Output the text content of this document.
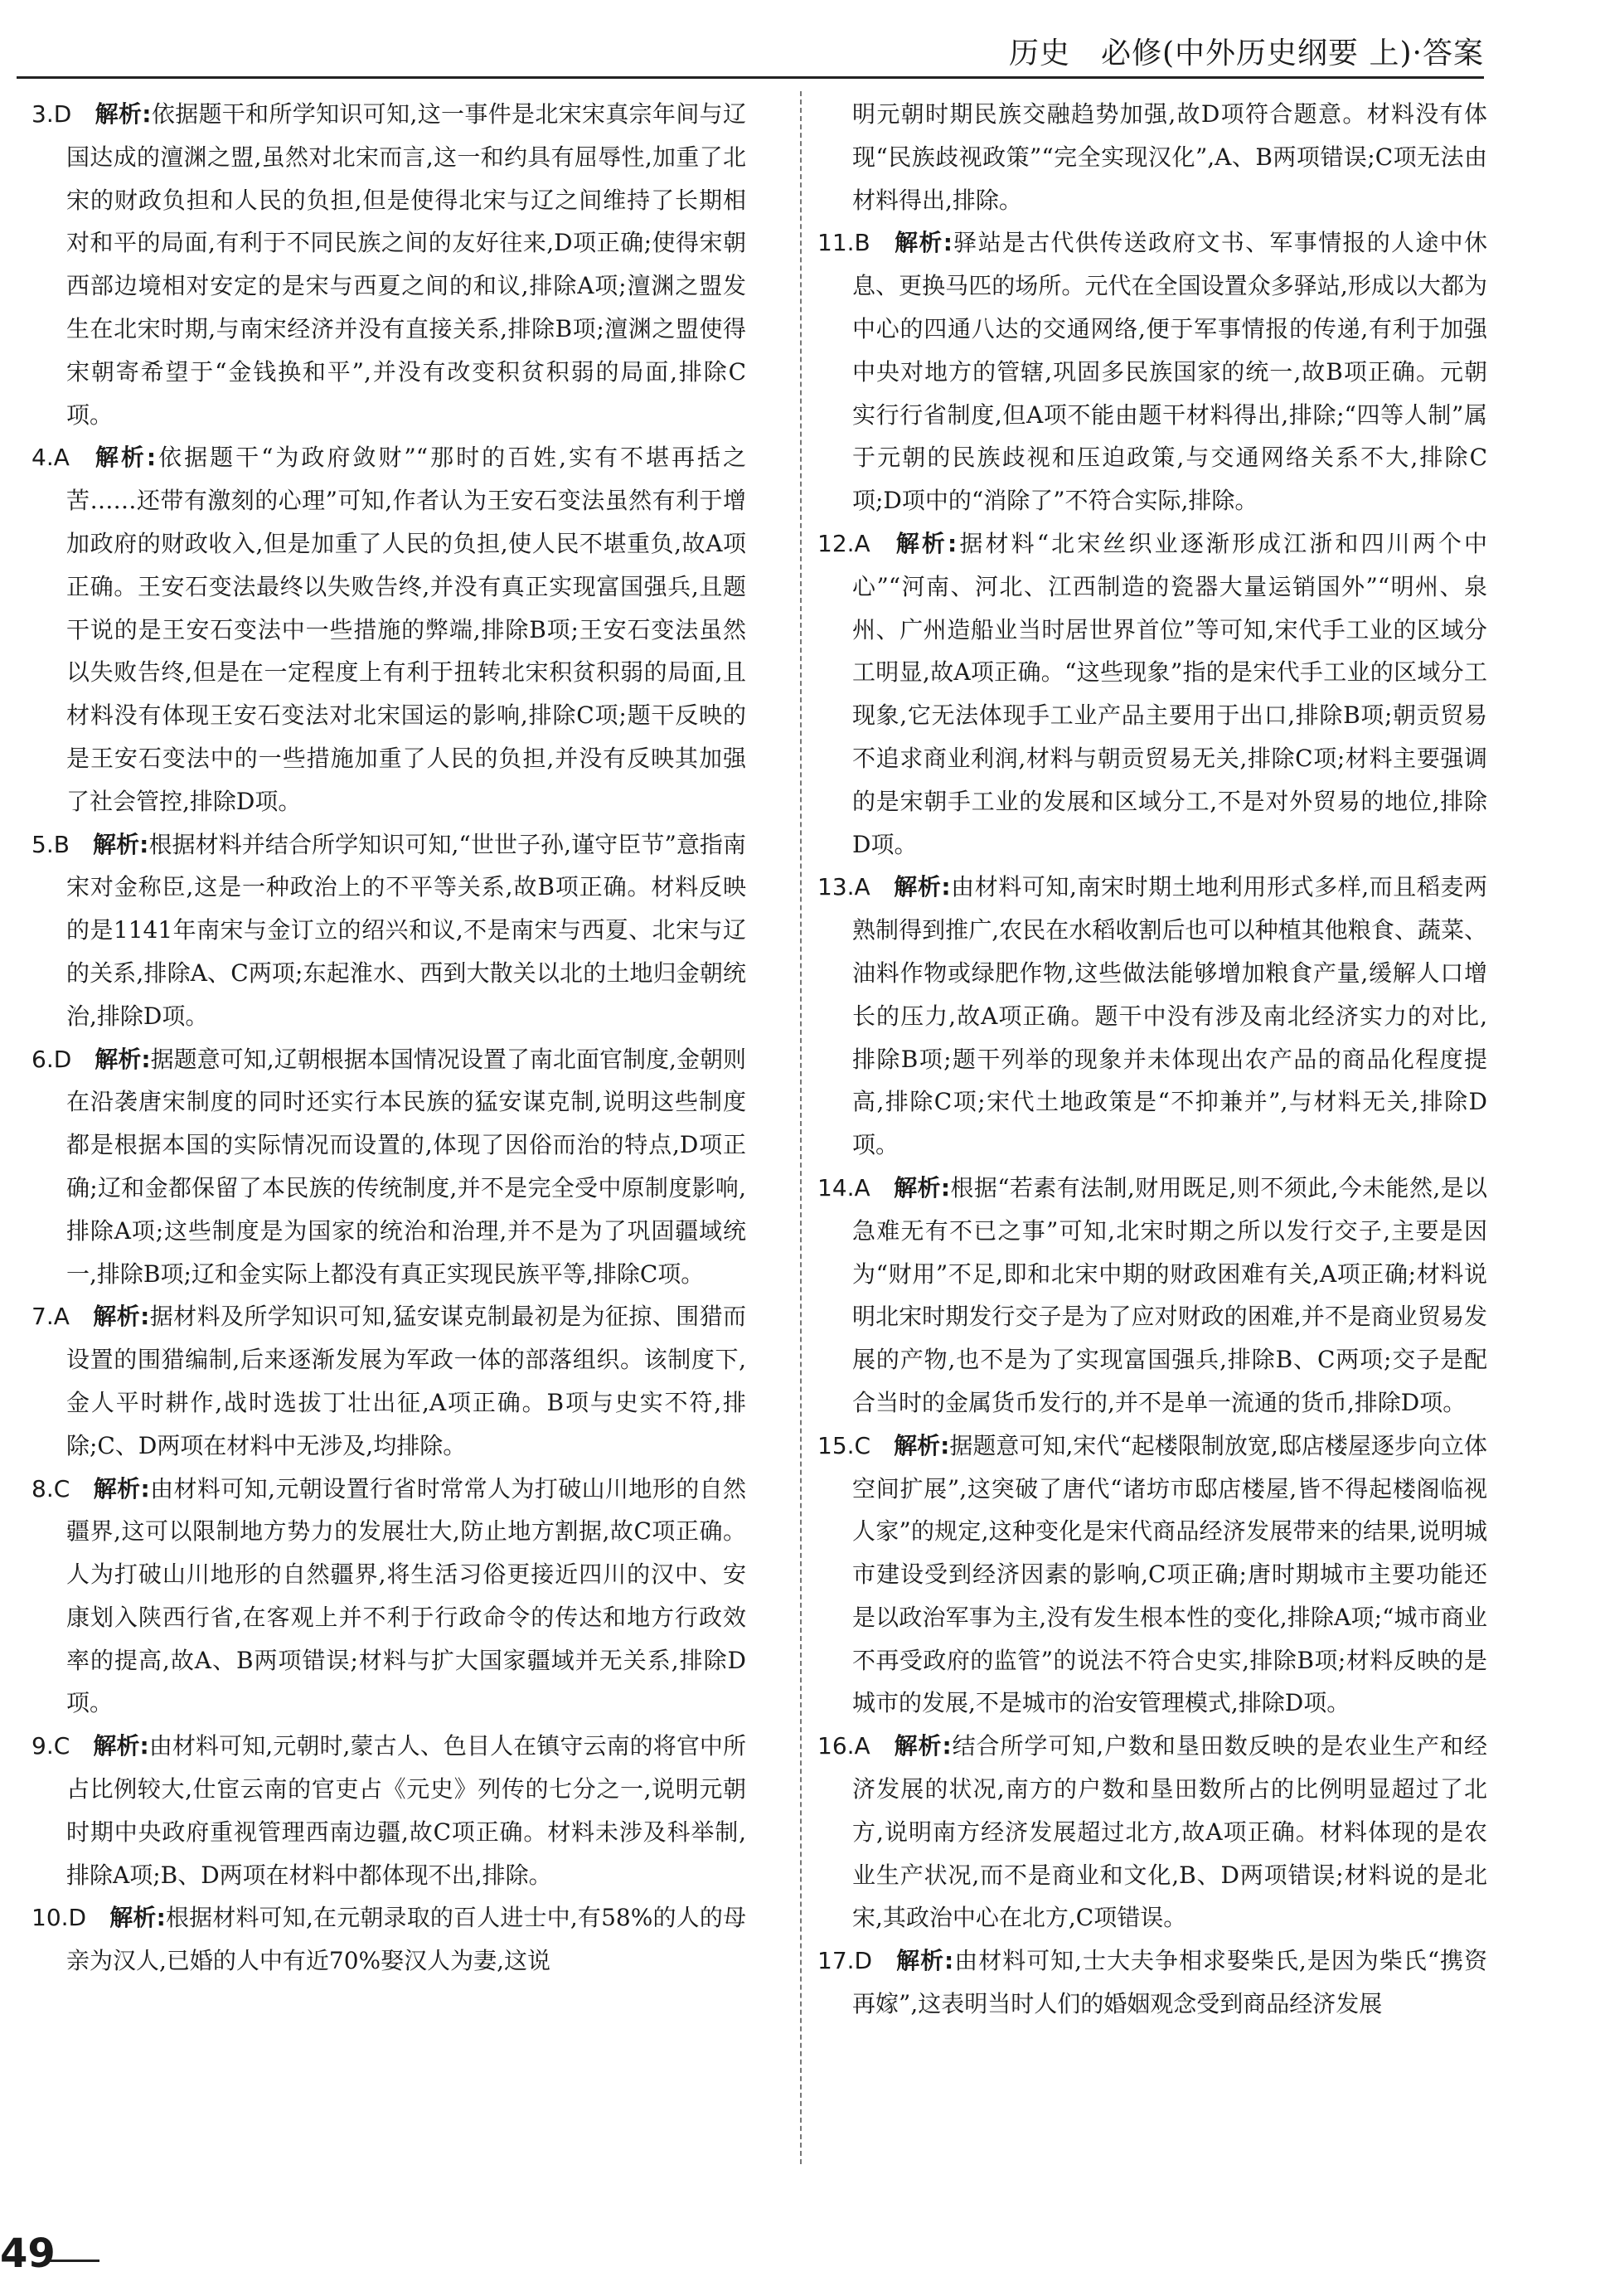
历史　必修(中外历史纲要 上)·答案

3.D  解析:依据题干和所学知识可知,这一事件是北宋宋真宗年间与辽国达成的澶渊之盟,虽然对北宋而言,这一和约具有屈辱性,加重了北宋的财政负担和人民的负担,但是使得北宋与辽之间维持了长期相对和平的局面,有利于不同民族之间的友好往来,D项正确;使得宋朝西部边境相对安定的是宋与西夏之间的和议,排除A项;澶渊之盟发生在北宋时期,与南宋经济并没有直接关系,排除B项;澶渊之盟使得宋朝寄希望于“金钱换和平”,并没有改变积贫积弱的局面,排除C项。

4.A  解析:依据题干“为政府敛财”“那时的百姓,实有不堪再括之苦……还带有激刻的心理”可知,作者认为王安石变法虽然有利于增加政府的财政收入,但是加重了人民的负担,使人民不堪重负,故A项正确。王安石变法最终以失败告终,并没有真正实现富国强兵,且题干说的是王安石变法中一些措施的弊端,排除B项;王安石变法虽然以失败告终,但是在一定程度上有利于扭转北宋积贫积弱的局面,且材料没有体现王安石变法对北宋国运的影响,排除C项;题干反映的是王安石变法中的一些措施加重了人民的负担,并没有反映其加强了社会管控,排除D项。

5.B  解析:根据材料并结合所学知识可知,“世世子孙,谨守臣节”意指南宋对金称臣,这是一种政治上的不平等关系,故B项正确。材料反映的是1141年南宋与金订立的绍兴和议,不是南宋与西夏、北宋与辽的关系,排除A、C两项;东起淮水、西到大散关以北的土地归金朝统治,排除D项。

6.D  解析:据题意可知,辽朝根据本国情况设置了南北面官制度,金朝则在沿袭唐宋制度的同时还实行本民族的猛安谋克制,说明这些制度都是根据本国的实际情况而设置的,体现了因俗而治的特点,D项正确;辽和金都保留了本民族的传统制度,并不是完全受中原制度影响,排除A项;这些制度是为国家的统治和治理,并不是为了巩固疆域统一,排除B项;辽和金实际上都没有真正实现民族平等,排除C项。

7.A  解析:据材料及所学知识可知,猛安谋克制最初是为征掠、围猎而设置的围猎编制,后来逐渐发展为军政一体的部落组织。该制度下,金人平时耕作,战时选拔丁壮出征,A项正确。B项与史实不符,排除;C、D两项在材料中无涉及,均排除。

8.C  解析:由材料可知,元朝设置行省时常常人为打破山川地形的自然疆界,这可以限制地方势力的发展壮大,防止地方割据,故C项正确。人为打破山川地形的自然疆界,将生活习俗更接近四川的汉中、安康划入陕西行省,在客观上并不利于行政命令的传达和地方行政效率的提高,故A、B两项错误;材料与扩大国家疆域并无关系,排除D项。

9.C  解析:由材料可知,元朝时,蒙古人、色目人在镇守云南的将官中所占比例较大,仕宦云南的官吏占《元史》列传的七分之一,说明元朝时期中央政府重视管理西南边疆,故C项正确。材料未涉及科举制,排除A项;B、D两项在材料中都体现不出,排除。

10.D  解析:根据材料可知,在元朝录取的百人进士中,有58%的人的母亲为汉人,已婚的人中有近70%娶汉人为妻,这说

明元朝时期民族交融趋势加强,故D项符合题意。材料没有体现“民族歧视政策”“完全实现汉化”,A、B两项错误;C项无法由材料得出,排除。

11.B  解析:驿站是古代供传送政府文书、军事情报的人途中休息、更换马匹的场所。元代在全国设置众多驿站,形成以大都为中心的四通八达的交通网络,便于军事情报的传递,有利于加强中央对地方的管辖,巩固多民族国家的统一,故B项正确。元朝实行行省制度,但A项不能由题干材料得出,排除;“四等人制”属于元朝的民族歧视和压迫政策,与交通网络关系不大,排除C项;D项中的“消除了”不符合实际,排除。

12.A  解析:据材料“北宋丝织业逐渐形成江浙和四川两个中心”“河南、河北、江西制造的瓷器大量运销国外”“明州、泉州、广州造船业当时居世界首位”等可知,宋代手工业的区域分工明显,故A项正确。“这些现象”指的是宋代手工业的区域分工现象,它无法体现手工业产品主要用于出口,排除B项;朝贡贸易不追求商业利润,材料与朝贡贸易无关,排除C项;材料主要强调的是宋朝手工业的发展和区域分工,不是对外贸易的地位,排除D项。

13.A  解析:由材料可知,南宋时期土地利用形式多样,而且稻麦两熟制得到推广,农民在水稻收割后也可以种植其他粮食、蔬菜、油料作物或绿肥作物,这些做法能够增加粮食产量,缓解人口增长的压力,故A项正确。题干中没有涉及南北经济实力的对比,排除B项;题干列举的现象并未体现出农产品的商品化程度提高,排除C项;宋代土地政策是“不抑兼并”,与材料无关,排除D项。

14.A  解析:根据“若素有法制,财用既足,则不须此,今未能然,是以急难无有不已之事”可知,北宋时期之所以发行交子,主要是因为“财用”不足,即和北宋中期的财政困难有关,A项正确;材料说明北宋时期发行交子是为了应对财政的困难,并不是商业贸易发展的产物,也不是为了实现富国强兵,排除B、C两项;交子是配合当时的金属货币发行的,并不是单一流通的货币,排除D项。

15.C  解析:据题意可知,宋代“起楼限制放宽,邸店楼屋逐步向立体空间扩展”,这突破了唐代“诸坊市邸店楼屋,皆不得起楼阁临视人家”的规定,这种变化是宋代商品经济发展带来的结果,说明城市建设受到经济因素的影响,C项正确;唐时期城市主要功能还是以政治军事为主,没有发生根本性的变化,排除A项;“城市商业不再受政府的监管”的说法不符合史实,排除B项;材料反映的是城市的发展,不是城市的治安管理模式,排除D项。

16.A  解析:结合所学可知,户数和垦田数反映的是农业生产和经济发展的状况,南方的户数和垦田数所占的比例明显超过了北方,说明南方经济发展超过北方,故A项正确。材料体现的是农业生产状况,而不是商业和文化,B、D两项错误;材料说的是北宋,其政治中心在北方,C项错误。

17.D  解析:由材料可知,士大夫争相求娶柴氏,是因为柴氏“携资再嫁”,这表明当时人们的婚姻观念受到商品经济发展

49
